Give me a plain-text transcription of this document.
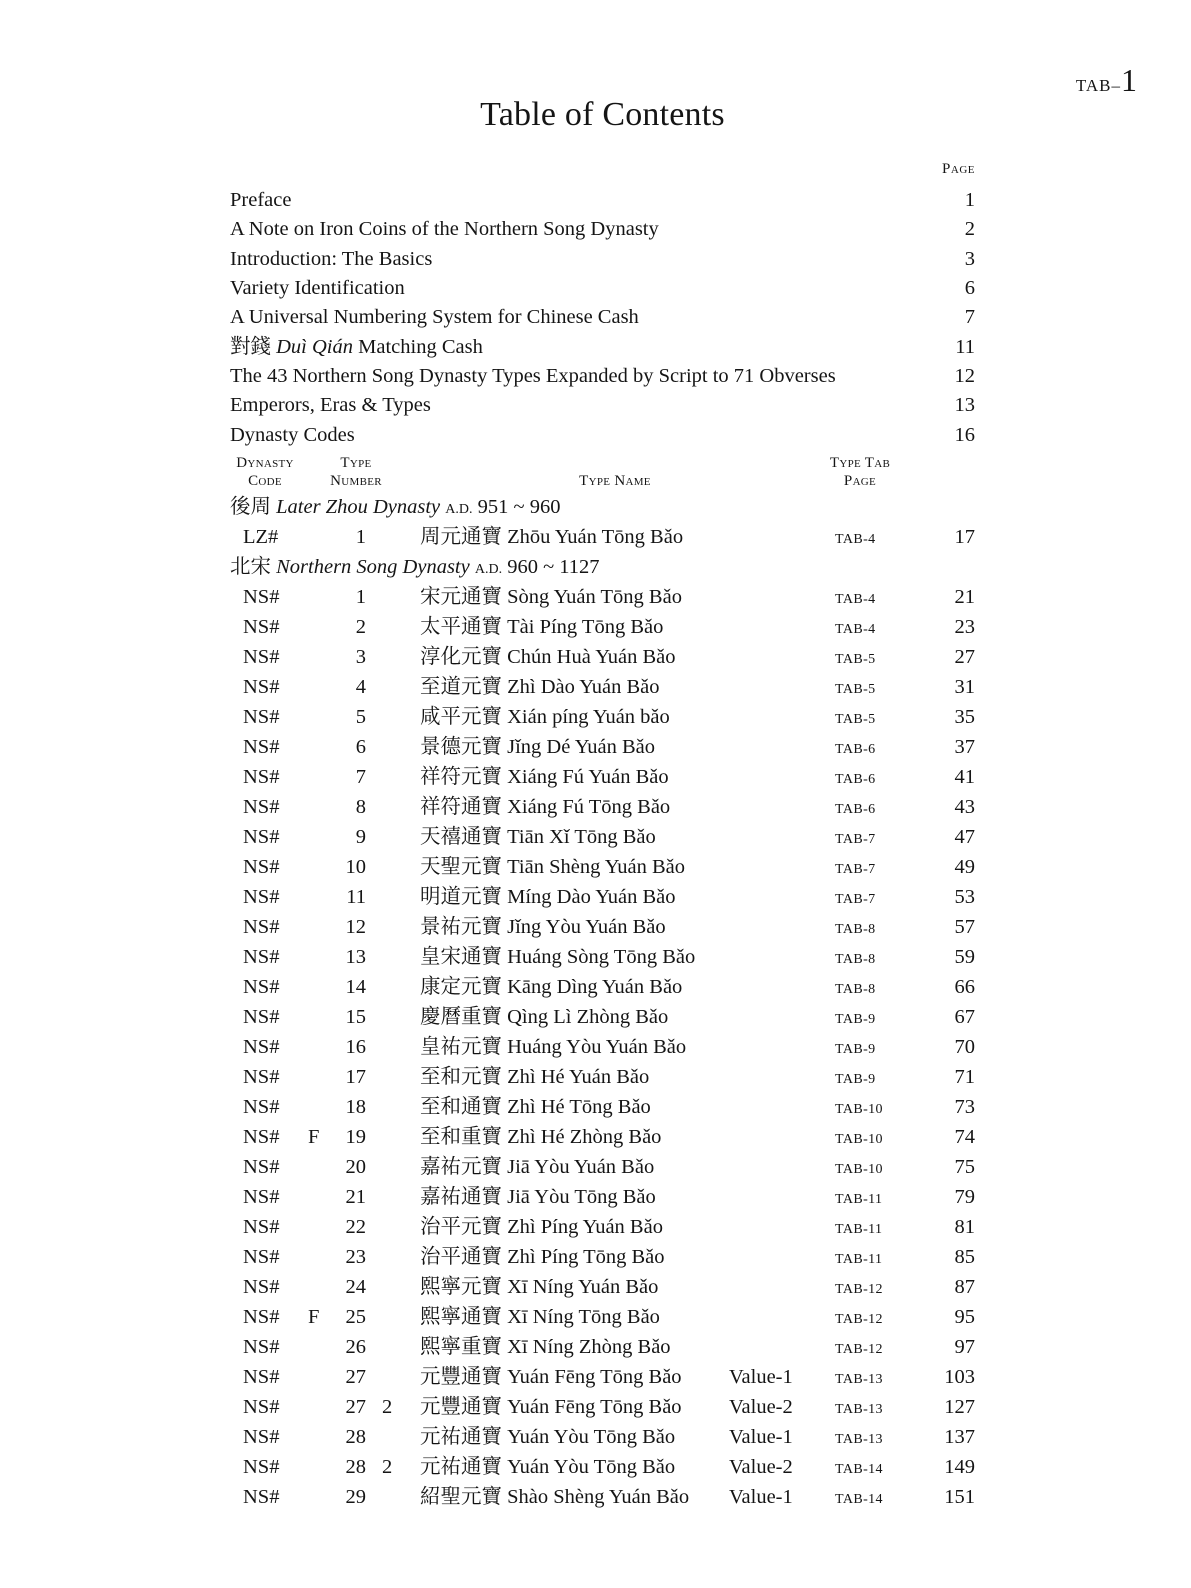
TAB–1
Table of Contents
Page
Preface	1
A Note on Iron Coins of the Northern Song Dynasty	2
Introduction: The Basics	3
Variety Identification	6
A Universal Numbering System for Chinese Cash	7
對錢 Duì Qián Matching Cash	11
The 43 Northern Song Dynasty Types Expanded by Script to 71 Obverses	12
Emperors, Eras & Types	13
Dynasty Codes	16
Dynasty
Code
Type
Number	Type Name
Type Tab
Page
後周 Later Zhou Dynasty A.D. 951 ~ 960
LZ#	1	周元通寶 Zhōu Yuán Tōng Bǎo	TAB-4	17
北宋 Northern Song Dynasty A.D. 960 ~ 1127
NS#	1	宋元通寶 Sòng Yuán Tōng Bǎo	TAB-4	21
NS#	2	太平通寶 Tài Píng Tōng Bǎo	TAB-4	23
NS#	3	淳化元寶 Chún Huà Yuán Bǎo	TAB-5	27
NS#	4	至道元寶 Zhì Dào Yuán Bǎo	TAB-5	31
NS#	5	咸平元寶 Xián píng Yuán bǎo	TAB-5	35
NS#	6	景德元寶 Jǐng Dé Yuán Bǎo	TAB-6	37
NS#	7	祥符元寶 Xiáng Fú Yuán Bǎo	TAB-6	41
NS#	8	祥符通寶 Xiáng Fú Tōng Bǎo	TAB-6	43
NS#	9	天禧通寶 Tiān Xǐ Tōng Bǎo	TAB-7	47
NS#	10	天聖元寶 Tiān Shèng Yuán Bǎo	TAB-7	49
NS#	11	明道元寶 Míng Dào Yuán Bǎo	TAB-7	53
NS#	12	景祐元寶 Jǐng Yòu Yuán Bǎo	TAB-8	57
NS#	13	皇宋通寶 Huáng Sòng Tōng Bǎo	TAB-8	59
NS#	14	康定元寶 Kāng Dìng Yuán Bǎo	TAB-8	66
NS#	15	慶曆重寶 Qìng Lì Zhòng Bǎo	TAB-9	67
NS#	16	皇祐元寶 Huáng Yòu Yuán Bǎo	TAB-9	70
NS#	17	至和元寶 Zhì Hé Yuán Bǎo	TAB-9	71
NS#	18	至和通寶 Zhì Hé Tōng Bǎo	TAB-10	73
NS#	F	19	至和重寶 Zhì Hé Zhòng Bǎo	TAB-10	74
NS#	20	嘉祐元寶 Jiā Yòu Yuán Bǎo	TAB-10	75
NS#	21	嘉祐通寶 Jiā Yòu Tōng Bǎo	TAB-11	79
NS#	22	治平元寶 Zhì Píng Yuán Bǎo	TAB-11	81
NS#	23	治平通寶 Zhì Píng Tōng Bǎo	TAB-11	85
NS#	24	熙寧元寶 Xī Níng Yuán Bǎo	TAB-12	87
NS#	F	25	熙寧通寶 Xī Níng Tōng Bǎo	TAB-12	95
NS#	26	熙寧重寶 Xī Níng Zhòng Bǎo	TAB-12	97
NS#	27	元豐通寶 Yuán Fēng Tōng Bǎo	Value-1	TAB-13	103
NS#	27 2	元豐通寶 Yuán Fēng Tōng Bǎo	Value-2	TAB-13	127
NS#	28	元祐通寶 Yuán Yòu Tōng Bǎo	Value-1	TAB-13	137
NS#	28 2	元祐通寶 Yuán Yòu Tōng Bǎo	Value-2	TAB-14	149
NS#	29	紹聖元寶 Shào Shèng Yuán Bǎo	Value-1	TAB-14	151
